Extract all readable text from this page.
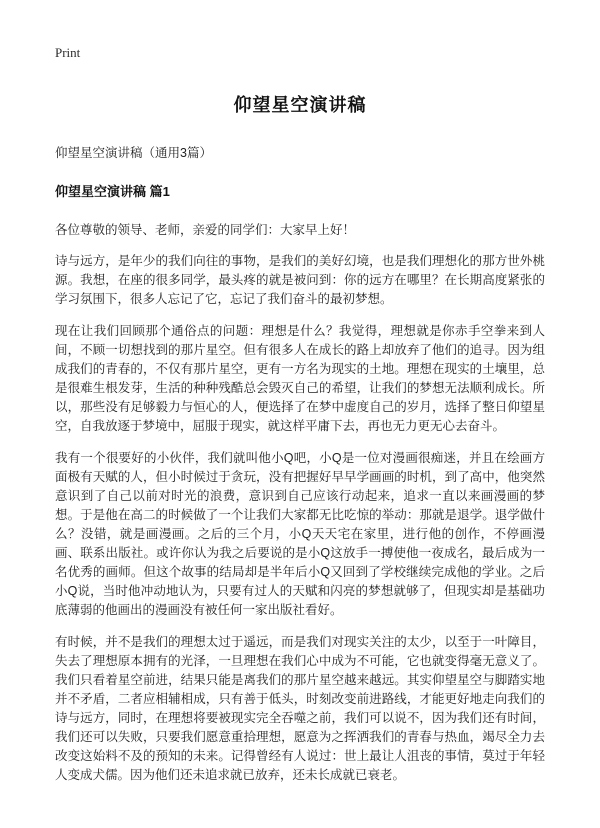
Print
仰望星空演讲稿

仰望星空演讲稿（通用3篇）

仰望星空演讲稿 篇1

各位尊敬的领导、老师，亲爱的同学们：大家早上好！

诗与远方，是年少的我们向往的事物，是我们的美好幻境，也是我们理想化的那方世外桃源。我想，在座的很多同学，最头疼的就是被问到：你的远方在哪里？在长期高度紧张的学习氛围下，很多人忘记了它，忘记了我们奋斗的最初梦想。

现在让我们回顾那个通俗点的问题：理想是什么？我觉得，理想就是你赤手空拳来到人间，不顾一切想找到的那片星空。但有很多人在成长的路上却放弃了他们的追寻。因为组成我们的青春的，不仅有那片星空，更有一方名为现实的土地。理想在现实的土壤里，总是很难生根发芽，生活的种种残酷总会毁灭自己的希望，让我们的梦想无法顺利成长。所以，那些没有足够毅力与恒心的人，便选择了在梦中虚度自己的岁月，选择了整日仰望星空，自我放逐于梦境中，屈服于现实，就这样平庸下去，再也无力更无心去奋斗。

我有一个很要好的小伙伴，我们就叫他小Q吧，小Q是一位对漫画很痴迷，并且在绘画方面极有天赋的人，但小时候过于贪玩，没有把握好早早学画画的时机，到了高中，他突然意识到了自己以前对时光的浪费，意识到自己应该行动起来，追求一直以来画漫画的梦想。于是他在高二的时候做了一个让我们大家都无比吃惊的举动：那就是退学。退学做什么？没错，就是画漫画。之后的三个月，小Q天天宅在家里，进行他的创作，不停画漫画、联系出版社。或许你认为我之后要说的是小Q这放手一搏使他一夜成名，最后成为一名优秀的画师。但这个故事的结局却是半年后小Q又回到了学校继续完成他的学业。之后小Q说，当时他冲动地认为，只要有过人的天赋和闪亮的梦想就够了，但现实却是基础功底薄弱的他画出的漫画没有被任何一家出版社看好。

有时候，并不是我们的理想太过于遥远，而是我们对现实关注的太少，以至于一叶障目，失去了理想原本拥有的光泽，一旦理想在我们心中成为不可能，它也就变得毫无意义了。我们只看着星空前进，结果只能是离我们的那片星空越来越远。其实仰望星空与脚踏实地并不矛盾，二者应相辅相成，只有善于低头，时刻改变前进路线，才能更好地走向我们的诗与远方，同时，在理想将要被现实完全吞噬之前，我们可以说不，因为我们还有时间，我们还可以失败，只要我们愿意重拾理想，愿意为之挥洒我们的青春与热血，竭尽全力去改变这始料不及的预知的未来。记得曾经有人说过：世上最让人沮丧的事情，莫过于年轻人变成犬儒。因为他们还未追求就已放弃，还未长成就已衰老。
